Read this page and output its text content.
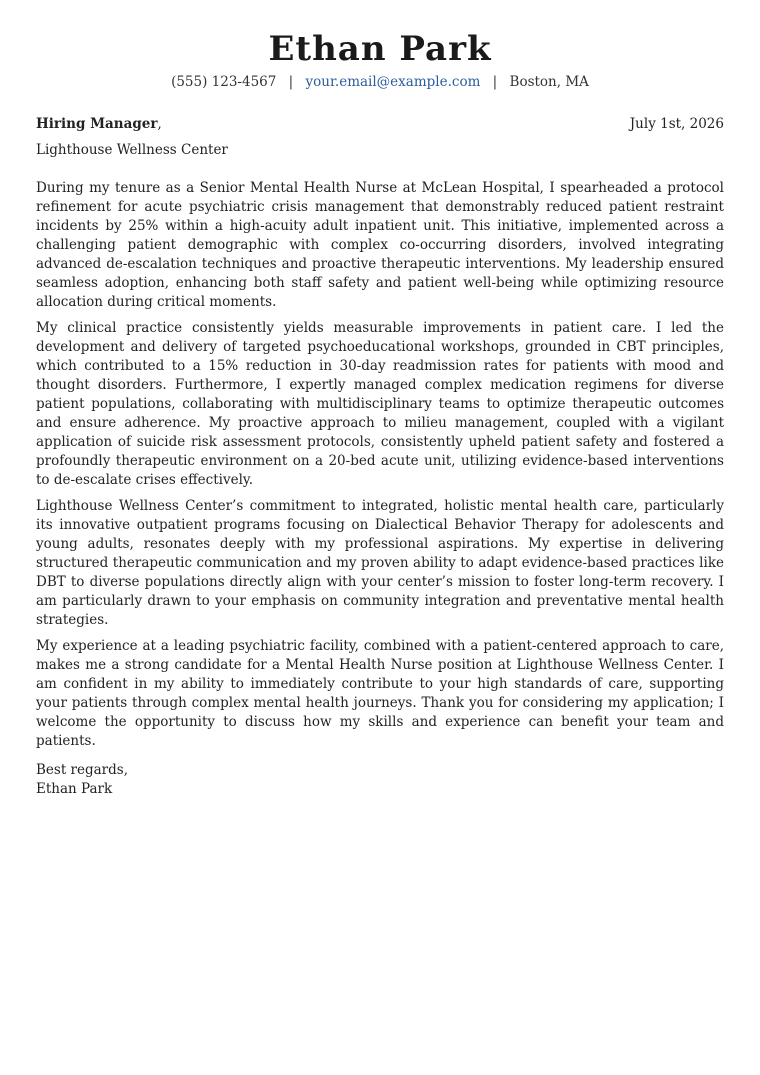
Ethan Park
(555) 123-4567 | your.email@example.com | Boston, MA
Hiring Manager,	July 1st, 2026
Lighthouse Wellness Center

During my tenure as a Senior Mental Health Nurse at McLean Hospital, I spearheaded a protocol refinement for acute psychiatric crisis management that demonstrably reduced patient restraint incidents by 25% within a high-acuity adult inpatient unit. This initiative, implemented across a challenging patient demographic with complex co-occurring disorders, involved integrating advanced de-escalation techniques and proactive therapeutic interventions. My leadership ensured seamless adoption, enhancing both staff safety and patient well-being while optimizing resource allocation during critical moments.

My clinical practice consistently yields measurable improvements in patient care. I led the development and delivery of targeted psychoeducational workshops, grounded in CBT principles, which contributed to a 15% reduction in 30-day readmission rates for patients with mood and thought disorders. Furthermore, I expertly managed complex medication regimens for diverse patient populations, collaborating with multidisciplinary teams to optimize therapeutic outcomes and ensure adherence. My proactive approach to milieu management, coupled with a vigilant application of suicide risk assessment protocols, consistently upheld patient safety and fostered a profoundly therapeutic environment on a 20-bed acute unit, utilizing evidence-based interventions to de-escalate crises effectively.

Lighthouse Wellness Center’s commitment to integrated, holistic mental health care, particularly its innovative outpatient programs focusing on Dialectical Behavior Therapy for adolescents and young adults, resonates deeply with my professional aspirations. My expertise in delivering structured therapeutic communication and my proven ability to adapt evidence-based practices like DBT to diverse populations directly align with your center’s mission to foster long-term recovery. I am particularly drawn to your emphasis on community integration and preventative mental health strategies.

My experience at a leading psychiatric facility, combined with a patient-centered approach to care, makes me a strong candidate for a Mental Health Nurse position at Lighthouse Wellness Center. I am confident in my ability to immediately contribute to your high standards of care, supporting your patients through complex mental health journeys. Thank you for considering my application; I welcome the opportunity to discuss how my skills and experience can benefit your team and patients.

Best regards,
Ethan Park
